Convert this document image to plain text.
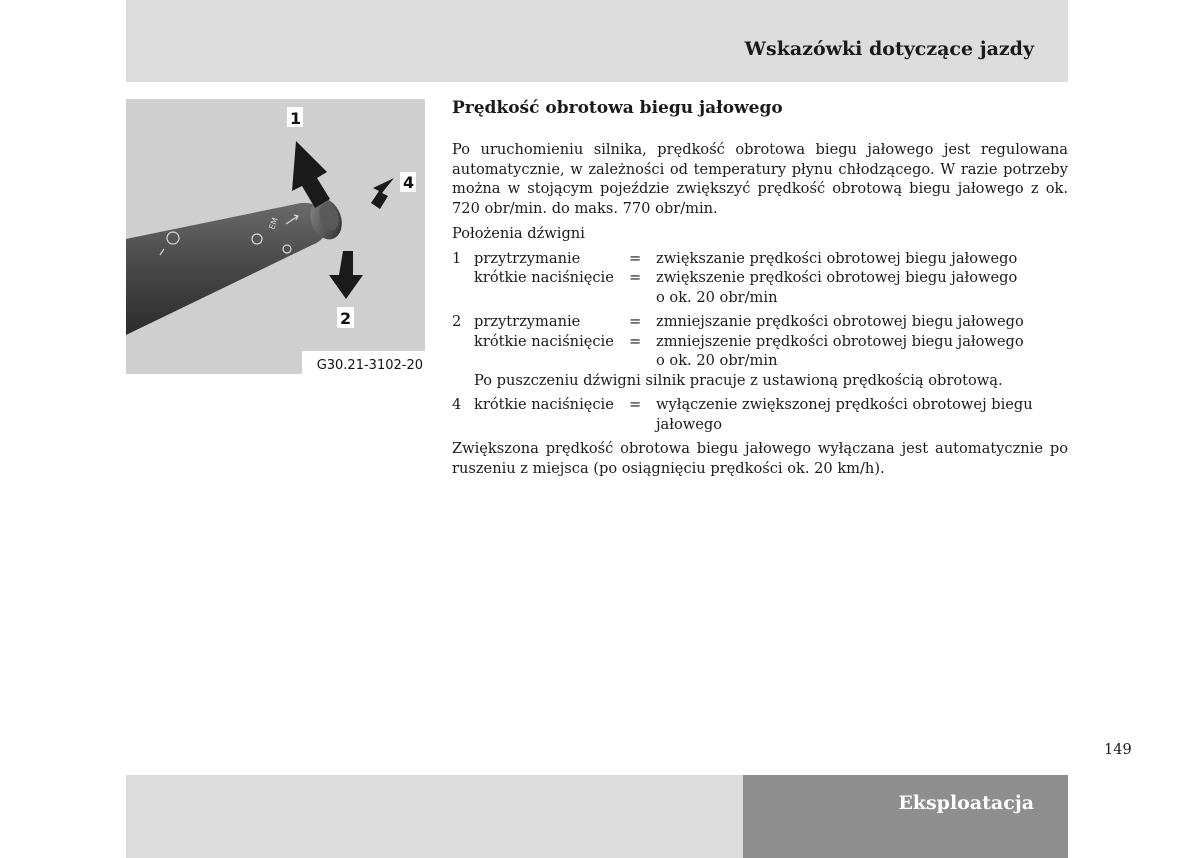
Wskazówki dotyczące jazdy
EM
1
4
2
G30.21-3102-20
Prędkość obrotowa biegu jałowego
Po uruchomieniu silnika, prędkość obrotowa biegu jałowego jest regulowana automatycznie, w zależności od temperatury płynu chłodzącego. W razie potrzeby można w stojącym pojeździe zwiększyć prędkość obrotową biegu jałowego z ok. 720 obr/min. do maks. 770 obr/min.
Położenia dźwigni
1 przytrzymanie	=	zwiększanie prędkości obrotowej biegu jałowego
krótkie naciśnięcie	=	zwiększenie prędkości obrotowej biegu jałowego
o ok. 20 obr/min
2 przytrzymanie	=	zmniejszanie prędkości obrotowej biegu jałowego
krótkie naciśnięcie	=	zmniejszenie prędkości obrotowej biegu jałowego
o ok. 20 obr/min
Po puszczeniu dźwigni silnik pracuje z ustawioną prędkością obrotową.
4 krótkie naciśnięcie	=	wyłączenie zwiększonej prędkości obrotowej biegu
jałowego
Zwiększona prędkość obrotowa biegu jałowego wyłączana jest automatycznie po ruszeniu z miejsca (po osiągnięciu prędkości ok. 20 km/h).
149
Eksploatacja
